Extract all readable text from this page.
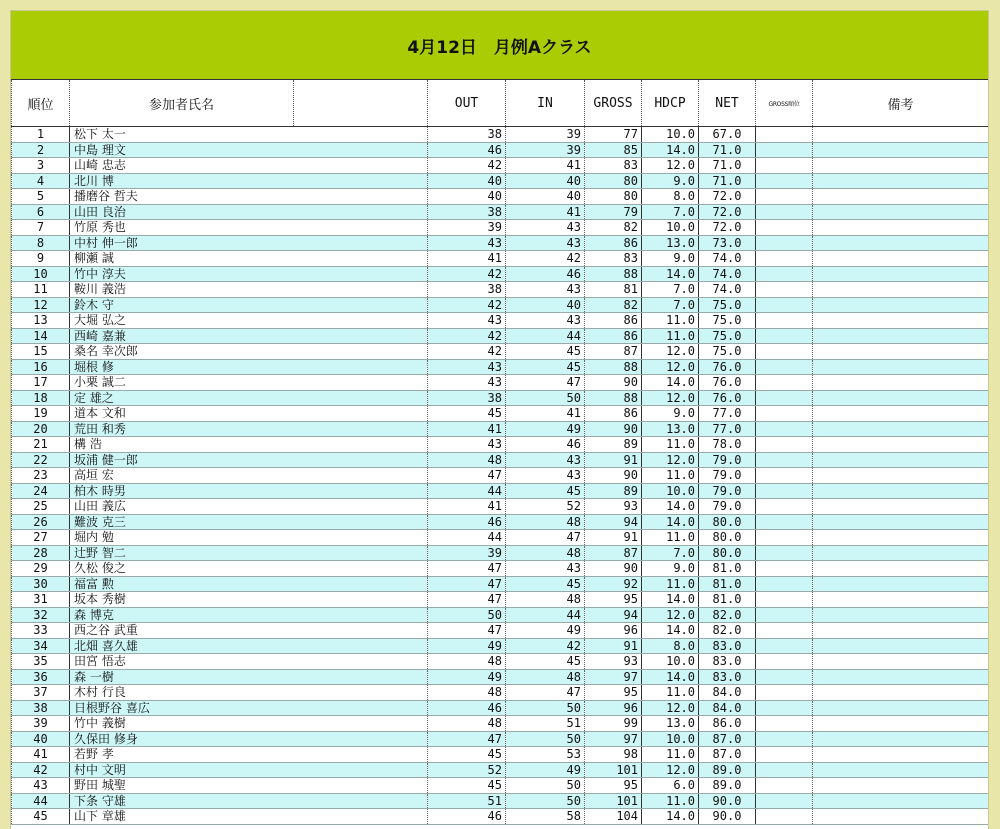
4月12日　月例Aクラス
順位	参加者氏名		OUT	IN	GROSS	HDCP	NET	GROSS順位	備考
1	松下 太一		38	39	77	10.0	67.0		
2	中島 理文		46	39	85	14.0	71.0		
3	山崎 忠志		42	41	83	12.0	71.0		
4	北川 博		40	40	80	9.0	71.0		
5	播磨谷 哲夫		40	40	80	8.0	72.0		
6	山田 良治		38	41	79	7.0	72.0		
7	竹原 秀也		39	43	82	10.0	72.0		
8	中村 伸一郎		43	43	86	13.0	73.0		
9	柳瀬 誠		41	42	83	9.0	74.0		
10	竹中 淳夫		42	46	88	14.0	74.0		
11	鞍川 義浩		38	43	81	7.0	74.0		
12	鈴木 守		42	40	82	7.0	75.0		
13	大堀 弘之		43	43	86	11.0	75.0		
14	西崎 嘉兼		42	44	86	11.0	75.0		
15	桑名 幸次郎		42	45	87	12.0	75.0		
16	堀根 修		43	45	88	12.0	76.0		
17	小栗 誠二		43	47	90	14.0	76.0		
18	定 雄之		38	50	88	12.0	76.0		
19	道本 文和		45	41	86	9.0	77.0		
20	荒田 和秀		41	49	90	13.0	77.0		
21	構 浩		43	46	89	11.0	78.0		
22	坂浦 健一郎		48	43	91	12.0	79.0		
23	高垣 宏		47	43	90	11.0	79.0		
24	柏木 時男		44	45	89	10.0	79.0		
25	山田 義広		41	52	93	14.0	79.0		
26	難波 克三		46	48	94	14.0	80.0		
27	堀内 勉		44	47	91	11.0	80.0		
28	辻野 智二		39	48	87	7.0	80.0		
29	久松 俊之		47	43	90	9.0	81.0		
30	福富 勲		47	45	92	11.0	81.0		
31	坂本 秀樹		47	48	95	14.0	81.0		
32	森 博克		50	44	94	12.0	82.0		
33	西之谷 武重		47	49	96	14.0	82.0		
34	北畑 喜久雄		49	42	91	8.0	83.0		
35	田宮 悟志		48	45	93	10.0	83.0		
36	森 一樹		49	48	97	14.0	83.0		
37	木村 行良		48	47	95	11.0	84.0		
38	日根野谷 喜広		46	50	96	12.0	84.0		
39	竹中 義樹		48	51	99	13.0	86.0		
40	久保田 修身		47	50	97	10.0	87.0		
41	若野 孝		45	53	98	11.0	87.0		
42	村中 文明		52	49	101	12.0	89.0		
43	野田 城聖		45	50	95	6.0	89.0		
44	下条 守雄		51	50	101	11.0	90.0		
45	山下 章雄		46	58	104	14.0	90.0		
